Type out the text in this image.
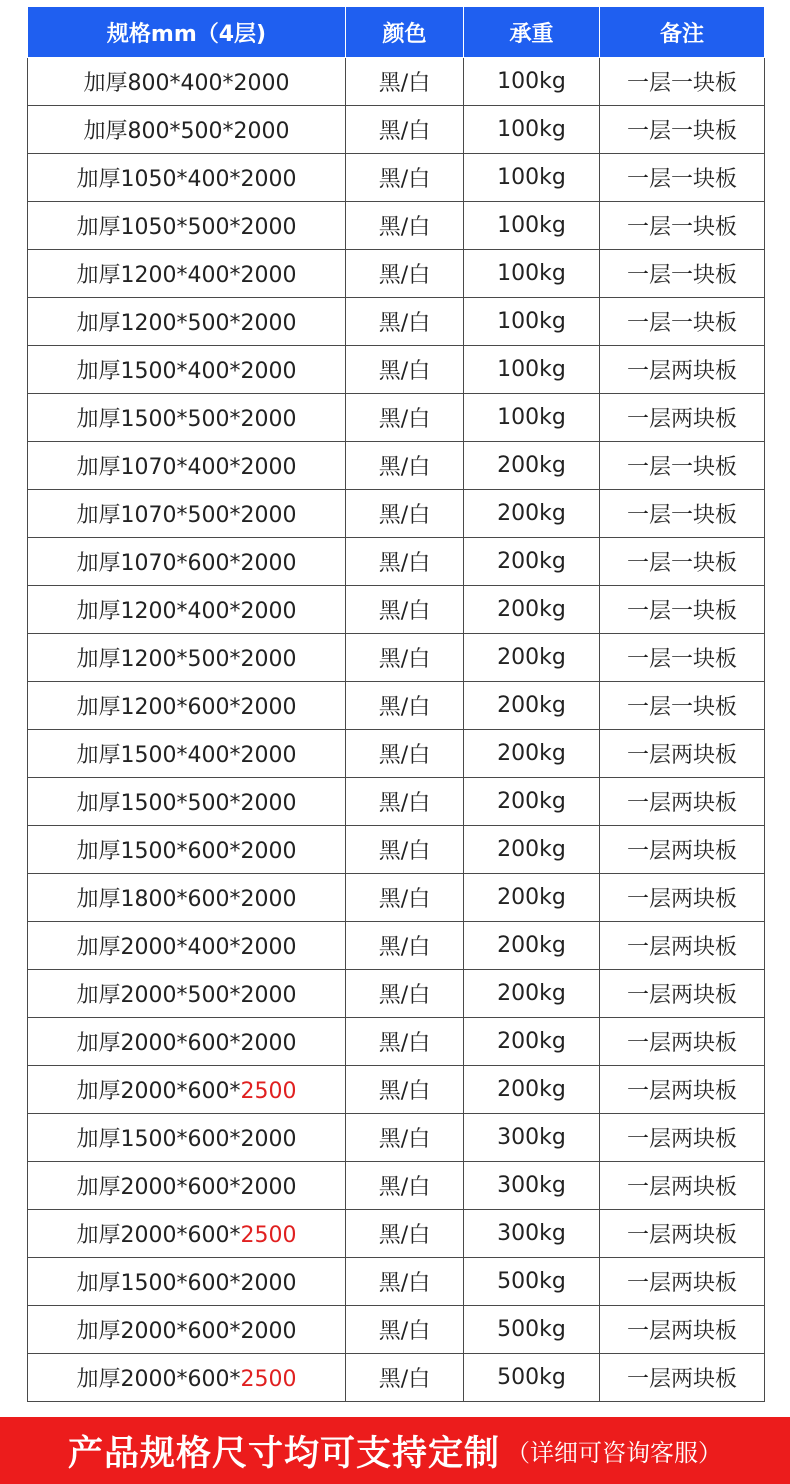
规格mm（4层)	颜色	承重	备注
加厚800*400*2000	黑/白	100kg	一层一块板
加厚800*500*2000	黑/白	100kg	一层一块板
加厚1050*400*2000	黑/白	100kg	一层一块板
加厚1050*500*2000	黑/白	100kg	一层一块板
加厚1200*400*2000	黑/白	100kg	一层一块板
加厚1200*500*2000	黑/白	100kg	一层一块板
加厚1500*400*2000	黑/白	100kg	一层两块板
加厚1500*500*2000	黑/白	100kg	一层两块板
加厚1070*400*2000	黑/白	200kg	一层一块板
加厚1070*500*2000	黑/白	200kg	一层一块板
加厚1070*600*2000	黑/白	200kg	一层一块板
加厚1200*400*2000	黑/白	200kg	一层一块板
加厚1200*500*2000	黑/白	200kg	一层一块板
加厚1200*600*2000	黑/白	200kg	一层一块板
加厚1500*400*2000	黑/白	200kg	一层两块板
加厚1500*500*2000	黑/白	200kg	一层两块板
加厚1500*600*2000	黑/白	200kg	一层两块板
加厚1800*600*2000	黑/白	200kg	一层两块板
加厚2000*400*2000	黑/白	200kg	一层两块板
加厚2000*500*2000	黑/白	200kg	一层两块板
加厚2000*600*2000	黑/白	200kg	一层两块板
加厚2000*600*2500	黑/白	200kg	一层两块板
加厚1500*600*2000	黑/白	300kg	一层两块板
加厚2000*600*2000	黑/白	300kg	一层两块板
加厚2000*600*2500	黑/白	300kg	一层两块板
加厚1500*600*2000	黑/白	500kg	一层两块板
加厚2000*600*2000	黑/白	500kg	一层两块板
加厚2000*600*2500	黑/白	500kg	一层两块板
产品规格尺寸均可支持定制 （详细可咨询客服）
